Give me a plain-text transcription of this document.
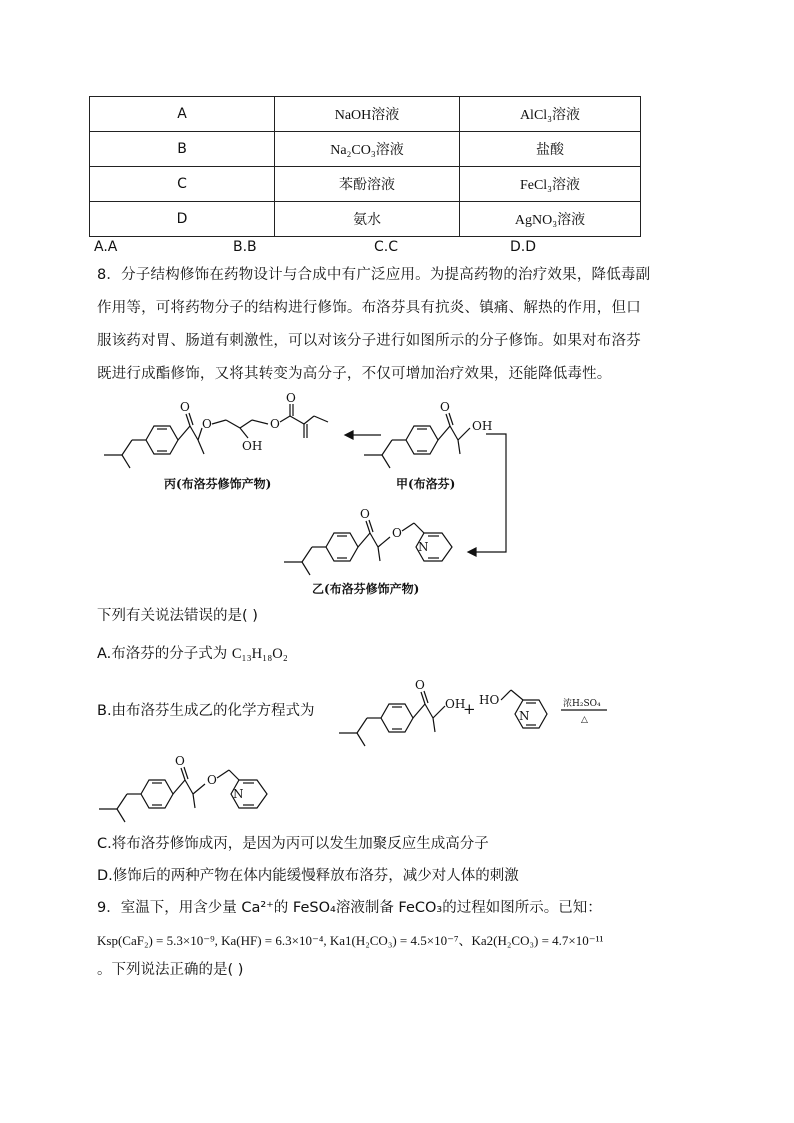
A	NaOH溶液	AlCl₃溶液
B	Na₂CO₃溶液	盐酸
C	苯酚溶液	FeCl₃溶液
D	氨水	AgNO₃溶液
A.A	B.B	C.C	D.D
8．分子结构修饰在药物设计与合成中有广泛应用。为提高药物的治疗效果，降低毒副
作用等，可将药物分子的结构进行修饰。布洛芬具有抗炎、镇痛、解热的作用，但口
服该药对胃、肠道有刺激性，可以对该分子进行如图所示的分子修饰。如果对布洛芬
既进行成酯修饰，又将其转变为高分子，不仅可增加治疗效果，还能降低毒性。
O
O
OH
O
O
O
OH
丙(布洛芬修饰产物)	甲(布洛芬)
O
O
N
乙(布洛芬修饰产物)
下列有关说法错误的是( )
A.布洛芬的分子式为 C₁₃H₁₈O₂
B.由布洛芬生成乙的化学方程式为
O
OH
+ HO
N
浓H₂SO₄
△
O
O
N
C.将布洛芬修饰成丙，是因为丙可以发生加聚反应生成高分子
D.修饰后的两种产物在体内能缓慢释放布洛芬，减少对人体的刺激
9．室温下，用含少量 Ca²⁺的 FeSO₄溶液制备 FeCO₃的过程如图所示。已知：
Ksp(CaF₂) = 5.3×10⁻⁹, Ka(HF) = 6.3×10⁻⁴, Ka1(H₂CO₃) = 4.5×10⁻⁷、Ka2(H₂CO₃) = 4.7×10⁻¹¹
。下列说法正确的是( )
